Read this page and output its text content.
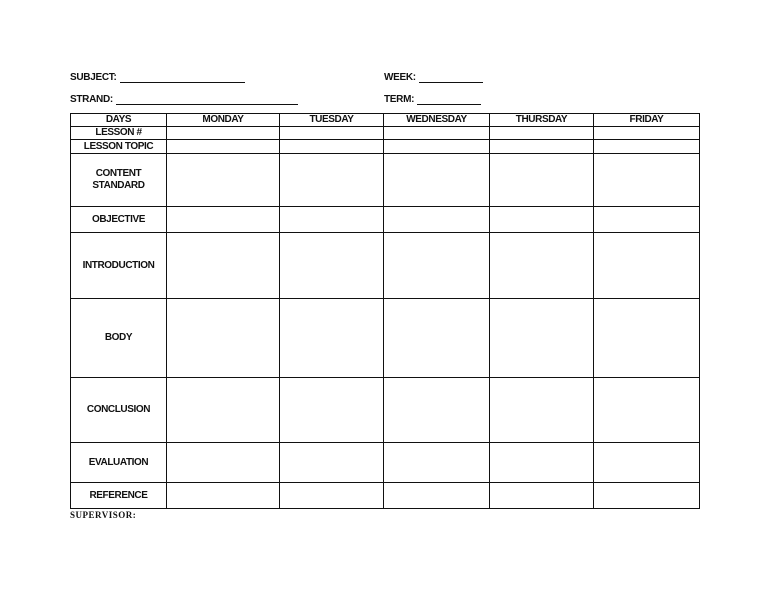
SUBJECT:
STRAND:
WEEK:
TERM:
DAYS	MONDAY	TUESDAY	WEDNESDAY	THURSDAY	FRIDAY
LESSON #					
LESSON TOPIC					
CONTENT
STANDARD					
OBJECTIVE					
INTRODUCTION					
BODY					
CONCLUSION					
EVALUATION					
REFERENCE					
SUPERVISOR:
